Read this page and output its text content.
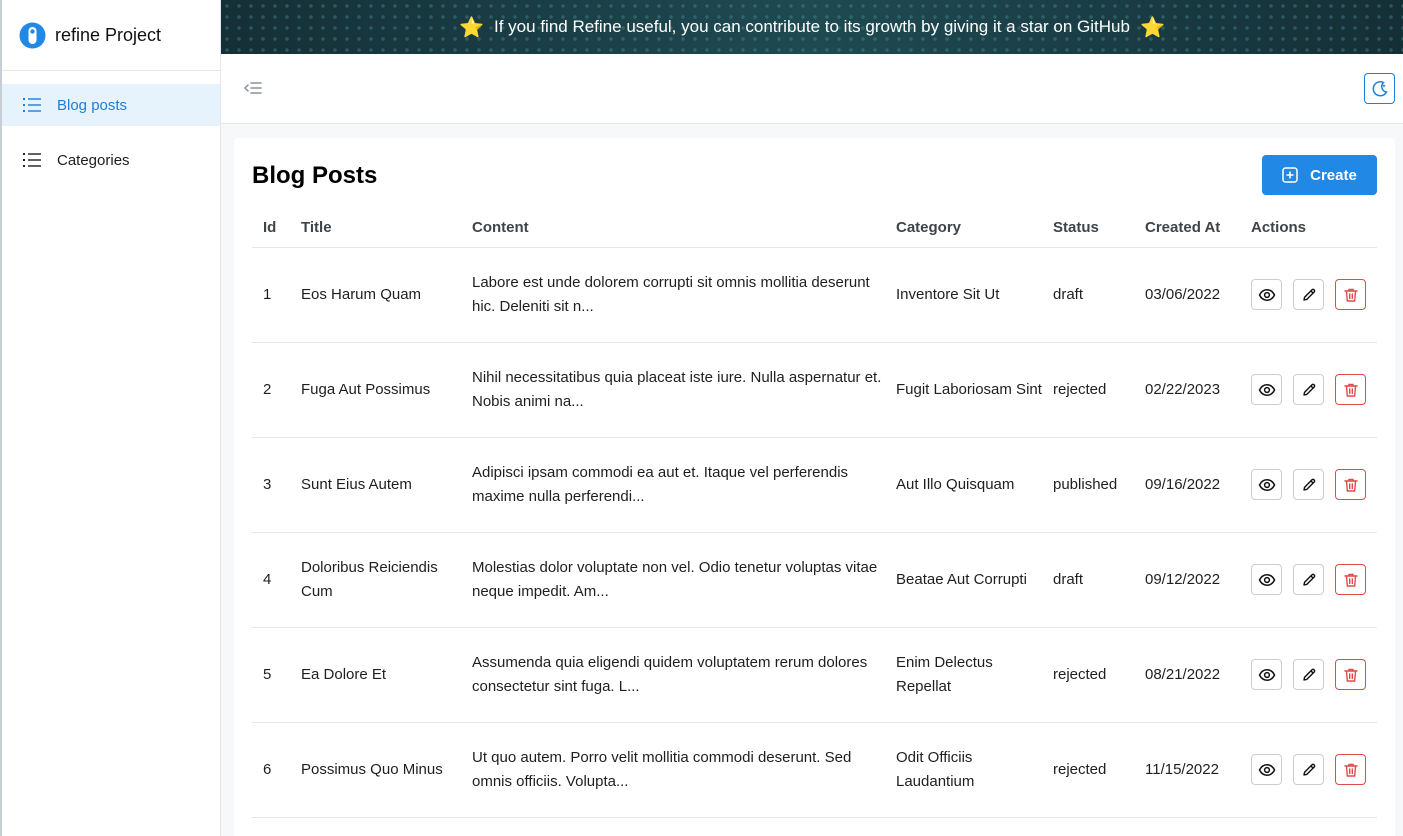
refine Project
Blog posts
Categories
⭐ If you find Refine useful, you can contribute to its growth by giving it a star on GitHub ⭐
Blog Posts	Create
Id	Title	Content	Category	Status	Created At	Actions
1	Eos Harum Quam	Labore est unde dolorem corrupti sit omnis mollitia deserunt hic. Deleniti sit n...	Inventore Sit Ut	draft	03/06/2022	

2	Fuga Aut Possimus	Nihil necessitatibus quia placeat iste iure. Nulla aspernatur et. Nobis animi na...	Fugit Laboriosam Sint	rejected	02/22/2023	

3	Sunt Eius Autem	Adipisci ipsam commodi ea aut et. Itaque vel perferendis maxime nulla perferendi...	Aut Illo Quisquam	published	09/16/2022	

4	Doloribus Reiciendis Cum	Molestias dolor voluptate non vel. Odio tenetur voluptas vitae neque impedit. Am...	Beatae Aut Corrupti	draft	09/12/2022	

5	Ea Dolore Et	Assumenda quia eligendi quidem voluptatem rerum dolores consectetur sint fuga. L...	Enim Delectus Repellat	rejected	08/21/2022	

6	Possimus Quo Minus	Ut quo autem. Porro velit mollitia commodi deserunt. Sed omnis officiis. Volupta...	Odit Officiis Laudantium	rejected	11/15/2022	
